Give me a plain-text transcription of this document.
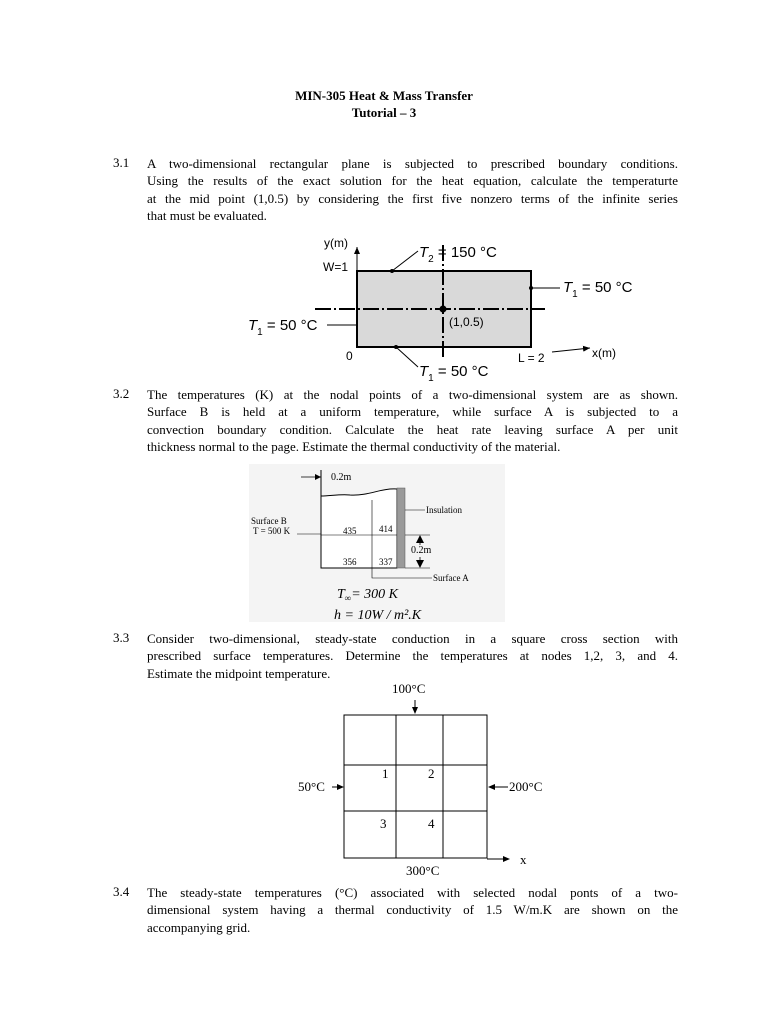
MIN-305 Heat & Mass Transfer
Tutorial – 3
3.1 A two-dimensional rectangular plane is subjected to prescribed boundary conditions.
Using the results of the exact solution for the heat equation, calculate the temperaturte
at the mid point (1,0.5) by considering the first five nonzero terms of the infinite series
that must be evaluated.
y(m)
W=1
$T_2 = 150$ °C
$T_1 = 50$ °C
$T_1 = 50$ °C
$T_1 = 50$ °C
(1,0.5)
0	L = 2	x(m)
3.2 The temperatures (K) at the nodal points of a two-dimensional system are as shown.
Surface B is held at a uniform temperature, while surface A is subjected to a
convection boundary condition. Calculate the heat rate leaving surface A per unit
thickness normal to the page. Estimate the thermal conductivity of the material.
0.2m
Insulation
Surface B
T = 500 K	435	414
356	337
0.2m
Surface A
$T_\infty= 300$ K
h = 10W / m².K
3.3 Consider two-dimensional, steady-state conduction in a square cross section with
prescribed surface temperatures. Determine the temperatures at nodes 1,2, 3, and 4.
Estimate the midpoint temperature.
100°C
50°C	200°C
300°C
x
1	2
3	4
3.4 The steady-state temperatures (°C) associated with selected nodal ponts of a two-
dimensional system having a thermal conductivity of 1.5 W/m.K are shown on the
accompanying grid.
